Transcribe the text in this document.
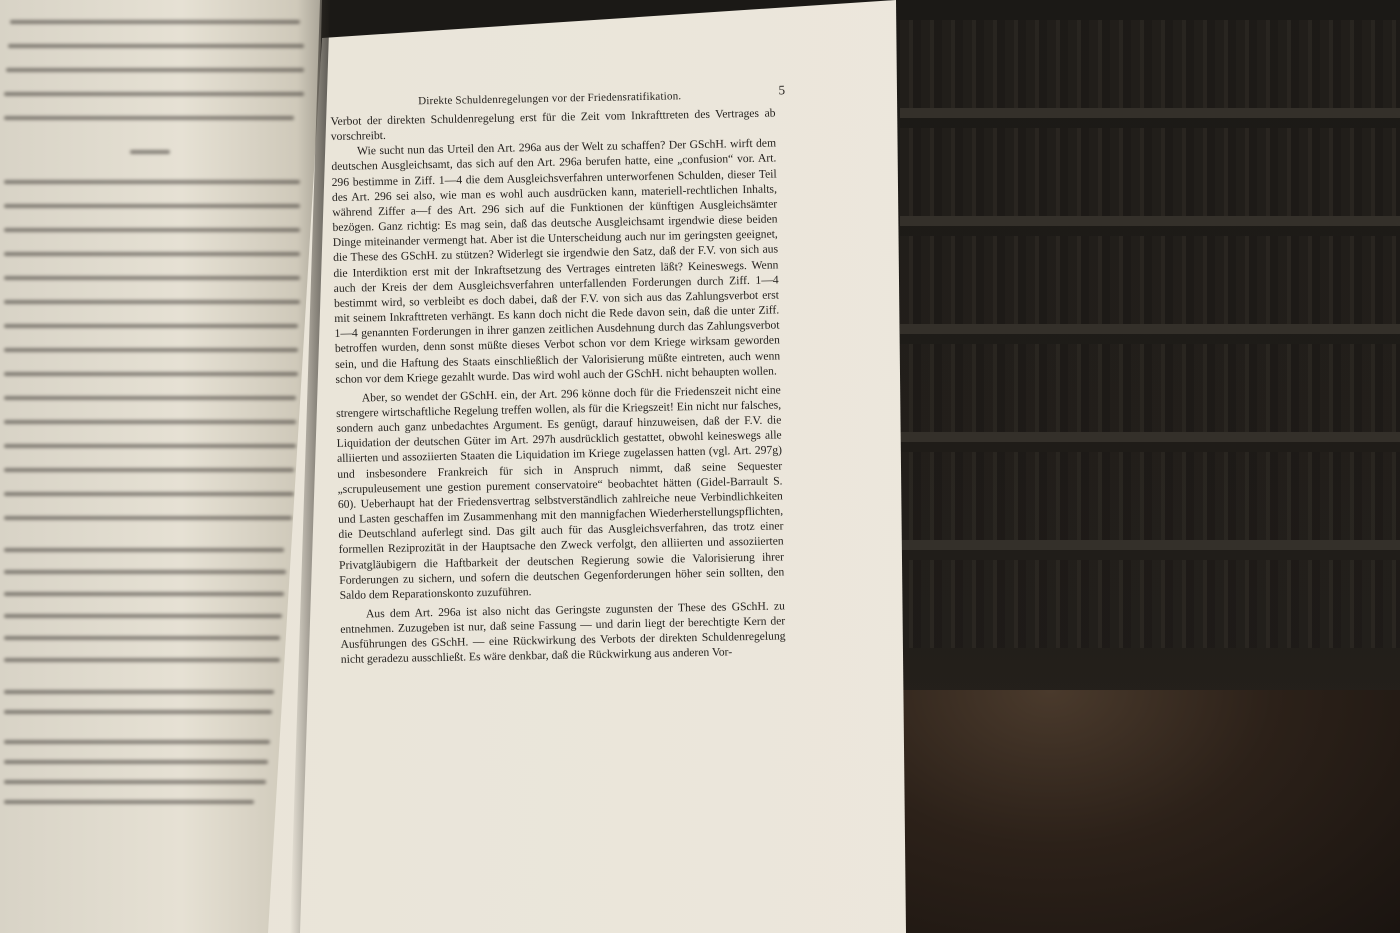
Direkte Schuldenregelungen vor der Friedensratifikation.
5

Verbot der direkten Schuldenregelung erst für die Zeit vom Inkrafttreten des Vertrages ab vorschreibt.

Wie sucht nun das Urteil den Art. 296a aus der Welt zu schaffen? Der GSchH. wirft dem deutschen Ausgleichsamt, das sich auf den Art. 296a berufen hatte, eine „confusion“ vor. Art. 296 bestimme in Ziff. 1—4 die dem Ausgleichsverfahren unterworfenen Schulden, dieser Teil des Art. 296 sei also, wie man es wohl auch ausdrücken kann, materiell-rechtlichen Inhalts, während Ziffer a—f des Art. 296 sich auf die Funktionen der künftigen Ausgleichsämter bezögen. Ganz richtig: Es mag sein, daß das deutsche Ausgleichsamt irgendwie diese beiden Dinge miteinander vermengt hat. Aber ist die Unterscheidung auch nur im geringsten geeignet, die These des GSchH. zu stützen? Widerlegt sie irgendwie den Satz, daß der F.V. von sich aus die Interdiktion erst mit der Inkraftsetzung des Vertrages eintreten läßt? Keineswegs. Wenn auch der Kreis der dem Ausgleichsverfahren unterfallenden Forderungen durch Ziff. 1—4 bestimmt wird, so verbleibt es doch dabei, daß der F.V. von sich aus das Zahlungsverbot erst mit seinem Inkrafttreten verhängt. Es kann doch nicht die Rede davon sein, daß die unter Ziff. 1—4 genannten Forderungen in ihrer ganzen zeitlichen Ausdehnung durch das Zahlungsverbot betroffen wurden, denn sonst müßte dieses Verbot schon vor dem Kriege wirksam geworden sein, und die Haftung des Staats einschließlich der Valorisierung müßte eintreten, auch wenn schon vor dem Kriege gezahlt wurde. Das wird wohl auch der GSchH. nicht behaupten wollen.

Aber, so wendet der GSchH. ein, der Art. 296 könne doch für die Friedenszeit nicht eine strengere wirtschaftliche Regelung treffen wollen, als für die Kriegszeit! Ein nicht nur falsches, sondern auch ganz unbedachtes Argument. Es genügt, darauf hinzuweisen, daß der F.V. die Liquidation der deutschen Güter im Art. 297h ausdrücklich gestattet, obwohl keineswegs alle alliierten und assoziierten Staaten die Liquidation im Kriege zugelassen hatten (vgl. Art. 297g) und insbesondere Frankreich für sich in Anspruch nimmt, daß seine Sequester „scrupuleusement une gestion purement conservatoire“ beobachtet hätten (Gidel-Barrault S. 60). Ueberhaupt hat der Friedensvertrag selbstverständlich zahlreiche neue Verbindlichkeiten und Lasten geschaffen im Zusammenhang mit den mannigfachen Wiederherstellungspflichten, die Deutschland auferlegt sind. Das gilt auch für das Ausgleichsverfahren, das trotz einer formellen Reziprozität in der Hauptsache den Zweck verfolgt, den alliierten und assoziierten Privatgläubigern die Haftbarkeit der deutschen Regierung sowie die Valorisierung ihrer Forderungen zu sichern, und sofern die deutschen Gegenforderungen höher sein sollten, den Saldo dem Reparationskonto zuzuführen.

Aus dem Art. 296a ist also nicht das Geringste zugunsten der These des GSchH. zu entnehmen. Zuzugeben ist nur, daß seine Fassung — und darin liegt der berechtigte Kern der Ausführungen des GSchH. — eine Rückwirkung des Verbots der direkten Schuldenregelung nicht geradezu ausschließt. Es wäre denkbar, daß die Rückwirkung aus anderen Vor-
